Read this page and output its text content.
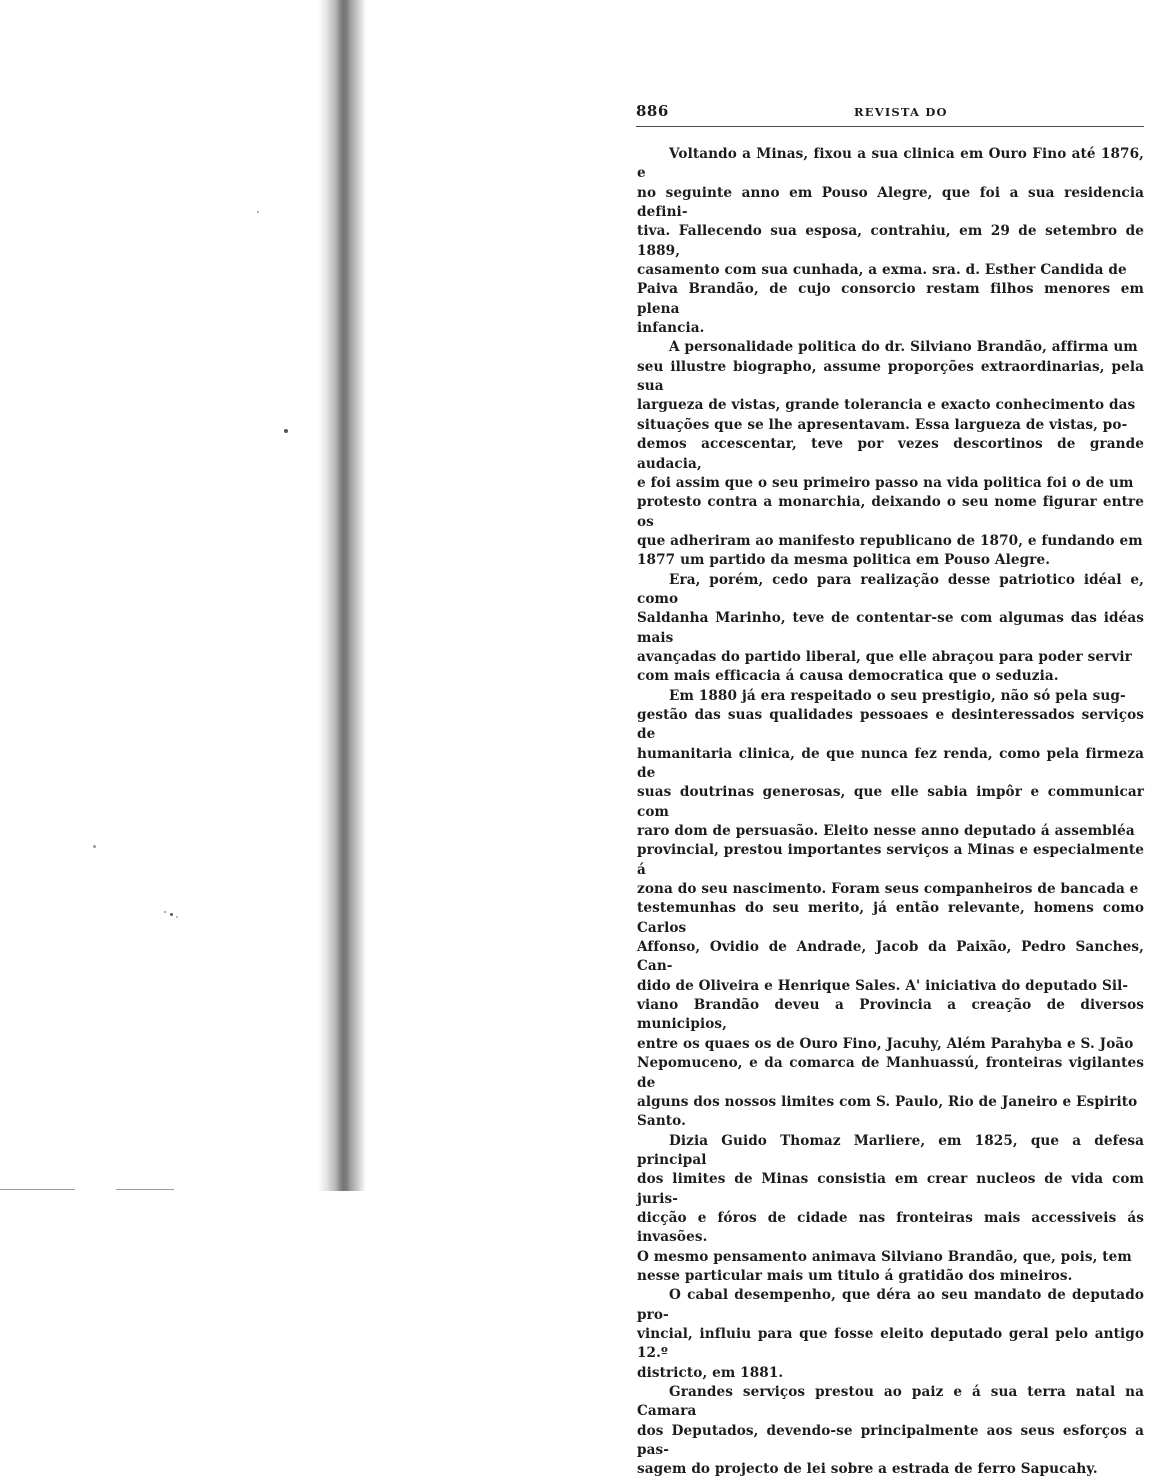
886	REVISTA DO

Voltando a Minas, fixou a sua clinica em Ouro Fino até 1876, e
no seguinte anno em Pouso Alegre, que foi a sua residencia defini-
tiva. Fallecendo sua esposa, contrahiu, em 29 de setembro de 1889,
casamento com sua cunhada, a exma. sra. d. Esther Candida de
Paiva Brandão, de cujo consorcio restam filhos menores em plena
infancia.

A personalidade politica do dr. Silviano Brandão, affirma um
seu illustre biographo, assume proporções extraordinarias, pela sua
largueza de vistas, grande tolerancia e exacto conhecimento das
situações que se lhe apresentavam. Essa largueza de vistas, po-
demos accescentar, teve por vezes descortinos de grande audacia,
e foi assim que o seu primeiro passo na vida politica foi o de um
protesto contra a monarchia, deixando o seu nome figurar entre os
que adheriram ao manifesto republicano de 1870, e fundando em
1877 um partido da mesma politica em Pouso Alegre.

Era, porém, cedo para realização desse patriotico idéal e, como
Saldanha Marinho, teve de contentar-se com algumas das idéas mais
avançadas do partido liberal, que elle abraçou para poder servir
com mais efficacia á causa democratica que o seduzia.

Em 1880 já era respeitado o seu prestigio, não só pela sug-
gestão das suas qualidades pessoaes e desinteressados serviços de
humanitaria clinica, de que nunca fez renda, como pela firmeza de
suas doutrinas generosas, que elle sabia impôr e communicar com
raro dom de persuasão. Eleito nesse anno deputado á assembléa
provincial, prestou importantes serviços a Minas e especialmente á
zona do seu nascimento. Foram seus companheiros de bancada e
testemunhas do seu merito, já então relevante, homens como Carlos
Affonso, Ovidio de Andrade, Jacob da Paixão, Pedro Sanches, Can-
dido de Oliveira e Henrique Sales. A' iniciativa do deputado Sil-
viano Brandão deveu a Provincia a creação de diversos municipios,
entre os quaes os de Ouro Fino, Jacuhy, Além Parahyba e S. João
Nepomuceno, e da comarca de Manhuassú, fronteiras vigilantes de
alguns dos nossos limites com S. Paulo, Rio de Janeiro e Espirito
Santo.

Dizia Guido Thomaz Marliere, em 1825, que a defesa principal
dos limites de Minas consistia em crear nucleos de vida com juris-
dicção e fóros de cidade nas fronteiras mais accessiveis ás invasões.
O mesmo pensamento animava Silviano Brandão, que, pois, tem
nesse particular mais um titulo á gratidão dos mineiros.

O cabal desempenho, que déra ao seu mandato de deputado pro-
vincial, influiu para que fosse eleito deputado geral pelo antigo 12.º
districto, em 1881.

Grandes serviços prestou ao paiz e á sua terra natal na Camara
dos Deputados, devendo-se principalmente aos seus esforços a pas-
sagem do projecto de lei sobre a estrada de ferro Sapucahy.
